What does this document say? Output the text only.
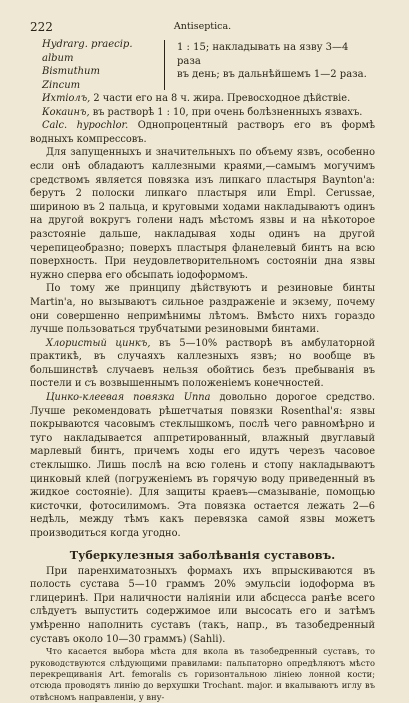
222	Antiseptica.
Hydrarg. praecip. album
Bismuthum
Zincum
1 : 15; накладывать на язву 3—4 раза
въ день; въ дальнѣйшемъ 1—2 раза.

Ихтіолъ, 2 части его на 8 ч. жира. Превосходное дѣйствіе.

Кокаинъ, въ растворѣ 1 : 10, при очень болѣзненныхъ язвахъ.

Calc. hypochlor. Однопроцентный растворъ его въ формѣ водныхъ компрессовъ.

Для запущенныхъ и значительныхъ по объему язвъ, особенно если онѣ обладаютъ каллезными краями,—самымъ могучимъ средствомъ является повязка изъ липкаго пластыря Baynton'а: берутъ 2 полоски липкаго пластыря или Empl. Cerussae, шириною въ 2 пальца, и круговыми ходами накладываютъ одинъ на другой вокругъ голени надъ мѣстомъ язвы и на нѣкоторое разстояніе дальше, накладывая ходы одинъ на другой черепицеобразно; поверхъ пластыря фланелевый бинтъ на всю поверхность. При неудовлетворительномъ состояніи дна язвы нужно сперва его обсыпать іодоформомъ.

По тому же принципу дѣйствуютъ и резиновые бинты Martin'а, но вызываютъ сильное раздраженіе и экзему, почему они совершенно непримѣнимы лѣтомъ. Вмѣсто нихъ гораздо лучше пользоваться трубчатыми резиновыми бинтами.

Хлористый цинкъ, въ 5—10% растворѣ въ амбулаторной практикѣ, въ случаяхъ каллезныхъ язвъ; но вообще въ большинствѣ случаевъ нельзя обойтись безъ пребыванія въ постели и съ возвышеннымъ положеніемъ конечностей.

Цинко-клеевая повязка Unna довольно дорогое средство. Лучше рекомендовать рѣшетчатыя повязки Rosenthal'я: язвы покрываются часовымъ стеклышкомъ, послѣ чего равномѣрно и туго накладывается аппретированный, влажный двуглавый марлевый бинтъ, причемъ ходы его идутъ черезъ часовое стеклышко. Лишь послѣ на всю голень и стопу накладываютъ цинковый клей (погруженіемъ въ горячую воду приведенный въ жидкое состояніе). Для защиты краевъ—смазываніе, помощью кисточки, фотосилимомъ. Эта повязка остается лежать 2—6 недѣль, между тѣмъ какъ перевязка самой язвы можетъ производиться когда угодно.

Туберкулезныя заболѣванія суставовъ.

При паренхиматозныхъ формахъ ихъ впрыскиваются въ полость сустава 5—10 граммъ 20% эмульсіи іодоформа въ глицеринѣ. При наличности наліяніи или абсцесса ранѣе всего слѣдуетъ выпустить содержимое или высосать его и затѣмъ умѣренно наполнить суставъ (такъ, напр., въ тазобедренный суставъ около 10—30 граммъ) (Sahli).

Что касается выбора мѣста для вкола въ тазобедренный суставъ, то руководствуются слѣдующими правилами: пальпаторно опредѣляютъ мѣсто перекрещиванія Art. femoralis съ горизонтальною лініею лонной кости; отсюда проводятъ линію до верхушки Trochant. major. и вкалываютъ иглу въ отвѣсномъ направленіи, у вну-
